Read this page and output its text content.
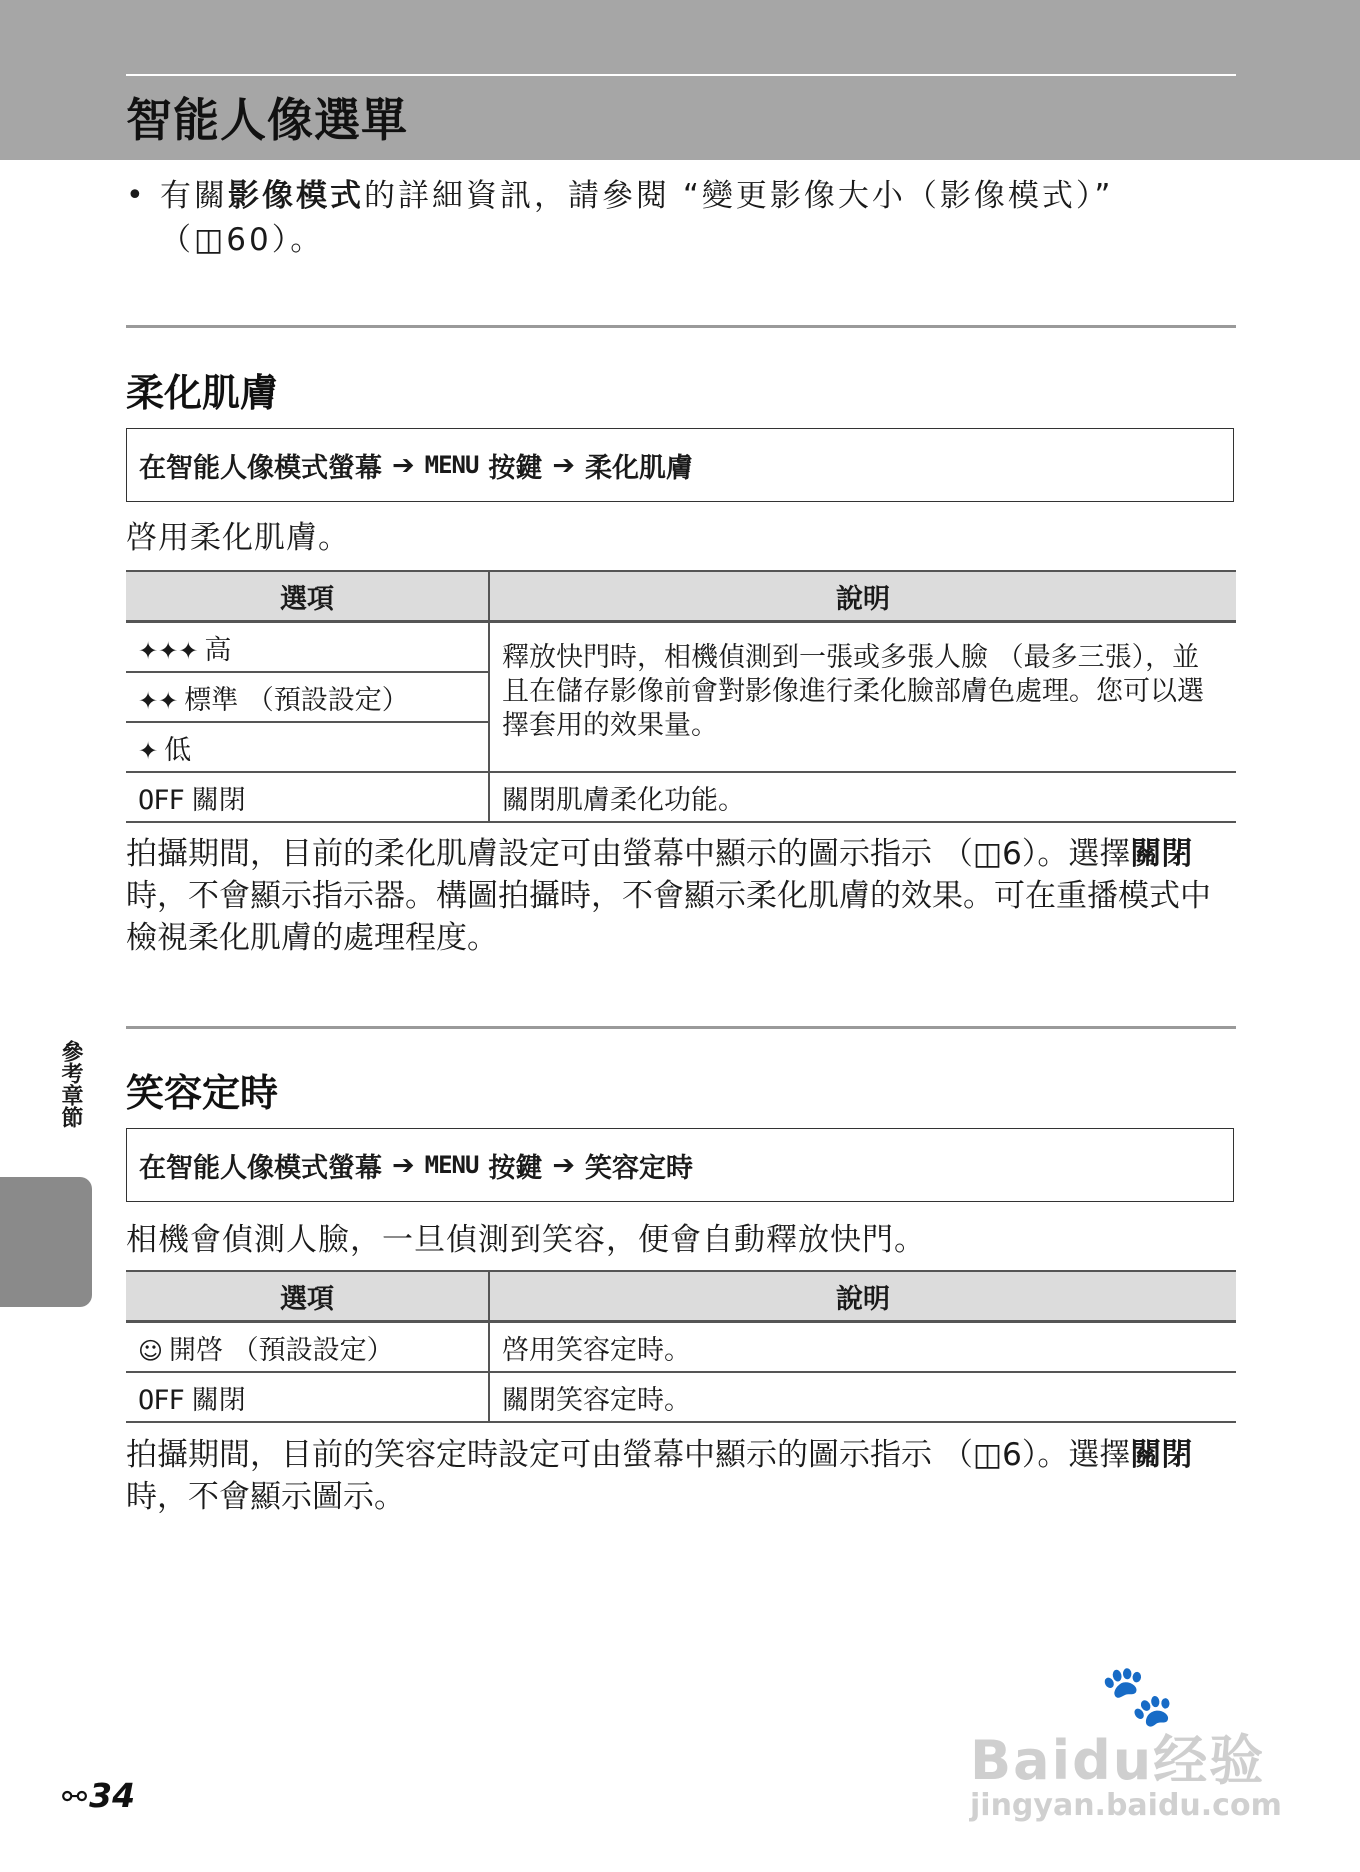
智能人像選單
• 有關影像模式的詳細資訊，請參閱 “變更影像大小（影像模式）”
（◫60）。
柔化肌膚
在智能人像模式螢幕 ➔ MENU 按鍵 ➔ 柔化肌膚
啓用柔化肌膚。
選項	說明
✦✦✦ 高	釋放快門時，相機偵測到一張或多張人臉 （最多三張），並且在儲存影像前會對影像進行柔化臉部膚色處理。您可以選擇套用的效果量。
✦✦ 標準 （預設設定）	
✦ 低	
OFF 關閉	關閉肌膚柔化功能。
拍攝期間，目前的柔化肌膚設定可由螢幕中顯示的圖示指示 （◫6）。選擇關閉時，不會顯示指示器。構圖拍攝時，不會顯示柔化肌膚的效果。可在重播模式中檢視柔化肌膚的處理程度。
笑容定時
在智能人像模式螢幕 ➔ MENU 按鍵 ➔ 笑容定時
相機會偵測人臉，一旦偵測到笑容，便會自動釋放快門。
選項	說明
☺ 開啓 （預設設定）	啓用笑容定時。
OFF 關閉	關閉笑容定時。
拍攝期間，目前的笑容定時設定可由螢幕中顯示的圖示指示 （◫6）。選擇關閉時，不會顯示圖示。
參考章節
⚯34
🐾
Baidu经验
jingyan.baidu.com
